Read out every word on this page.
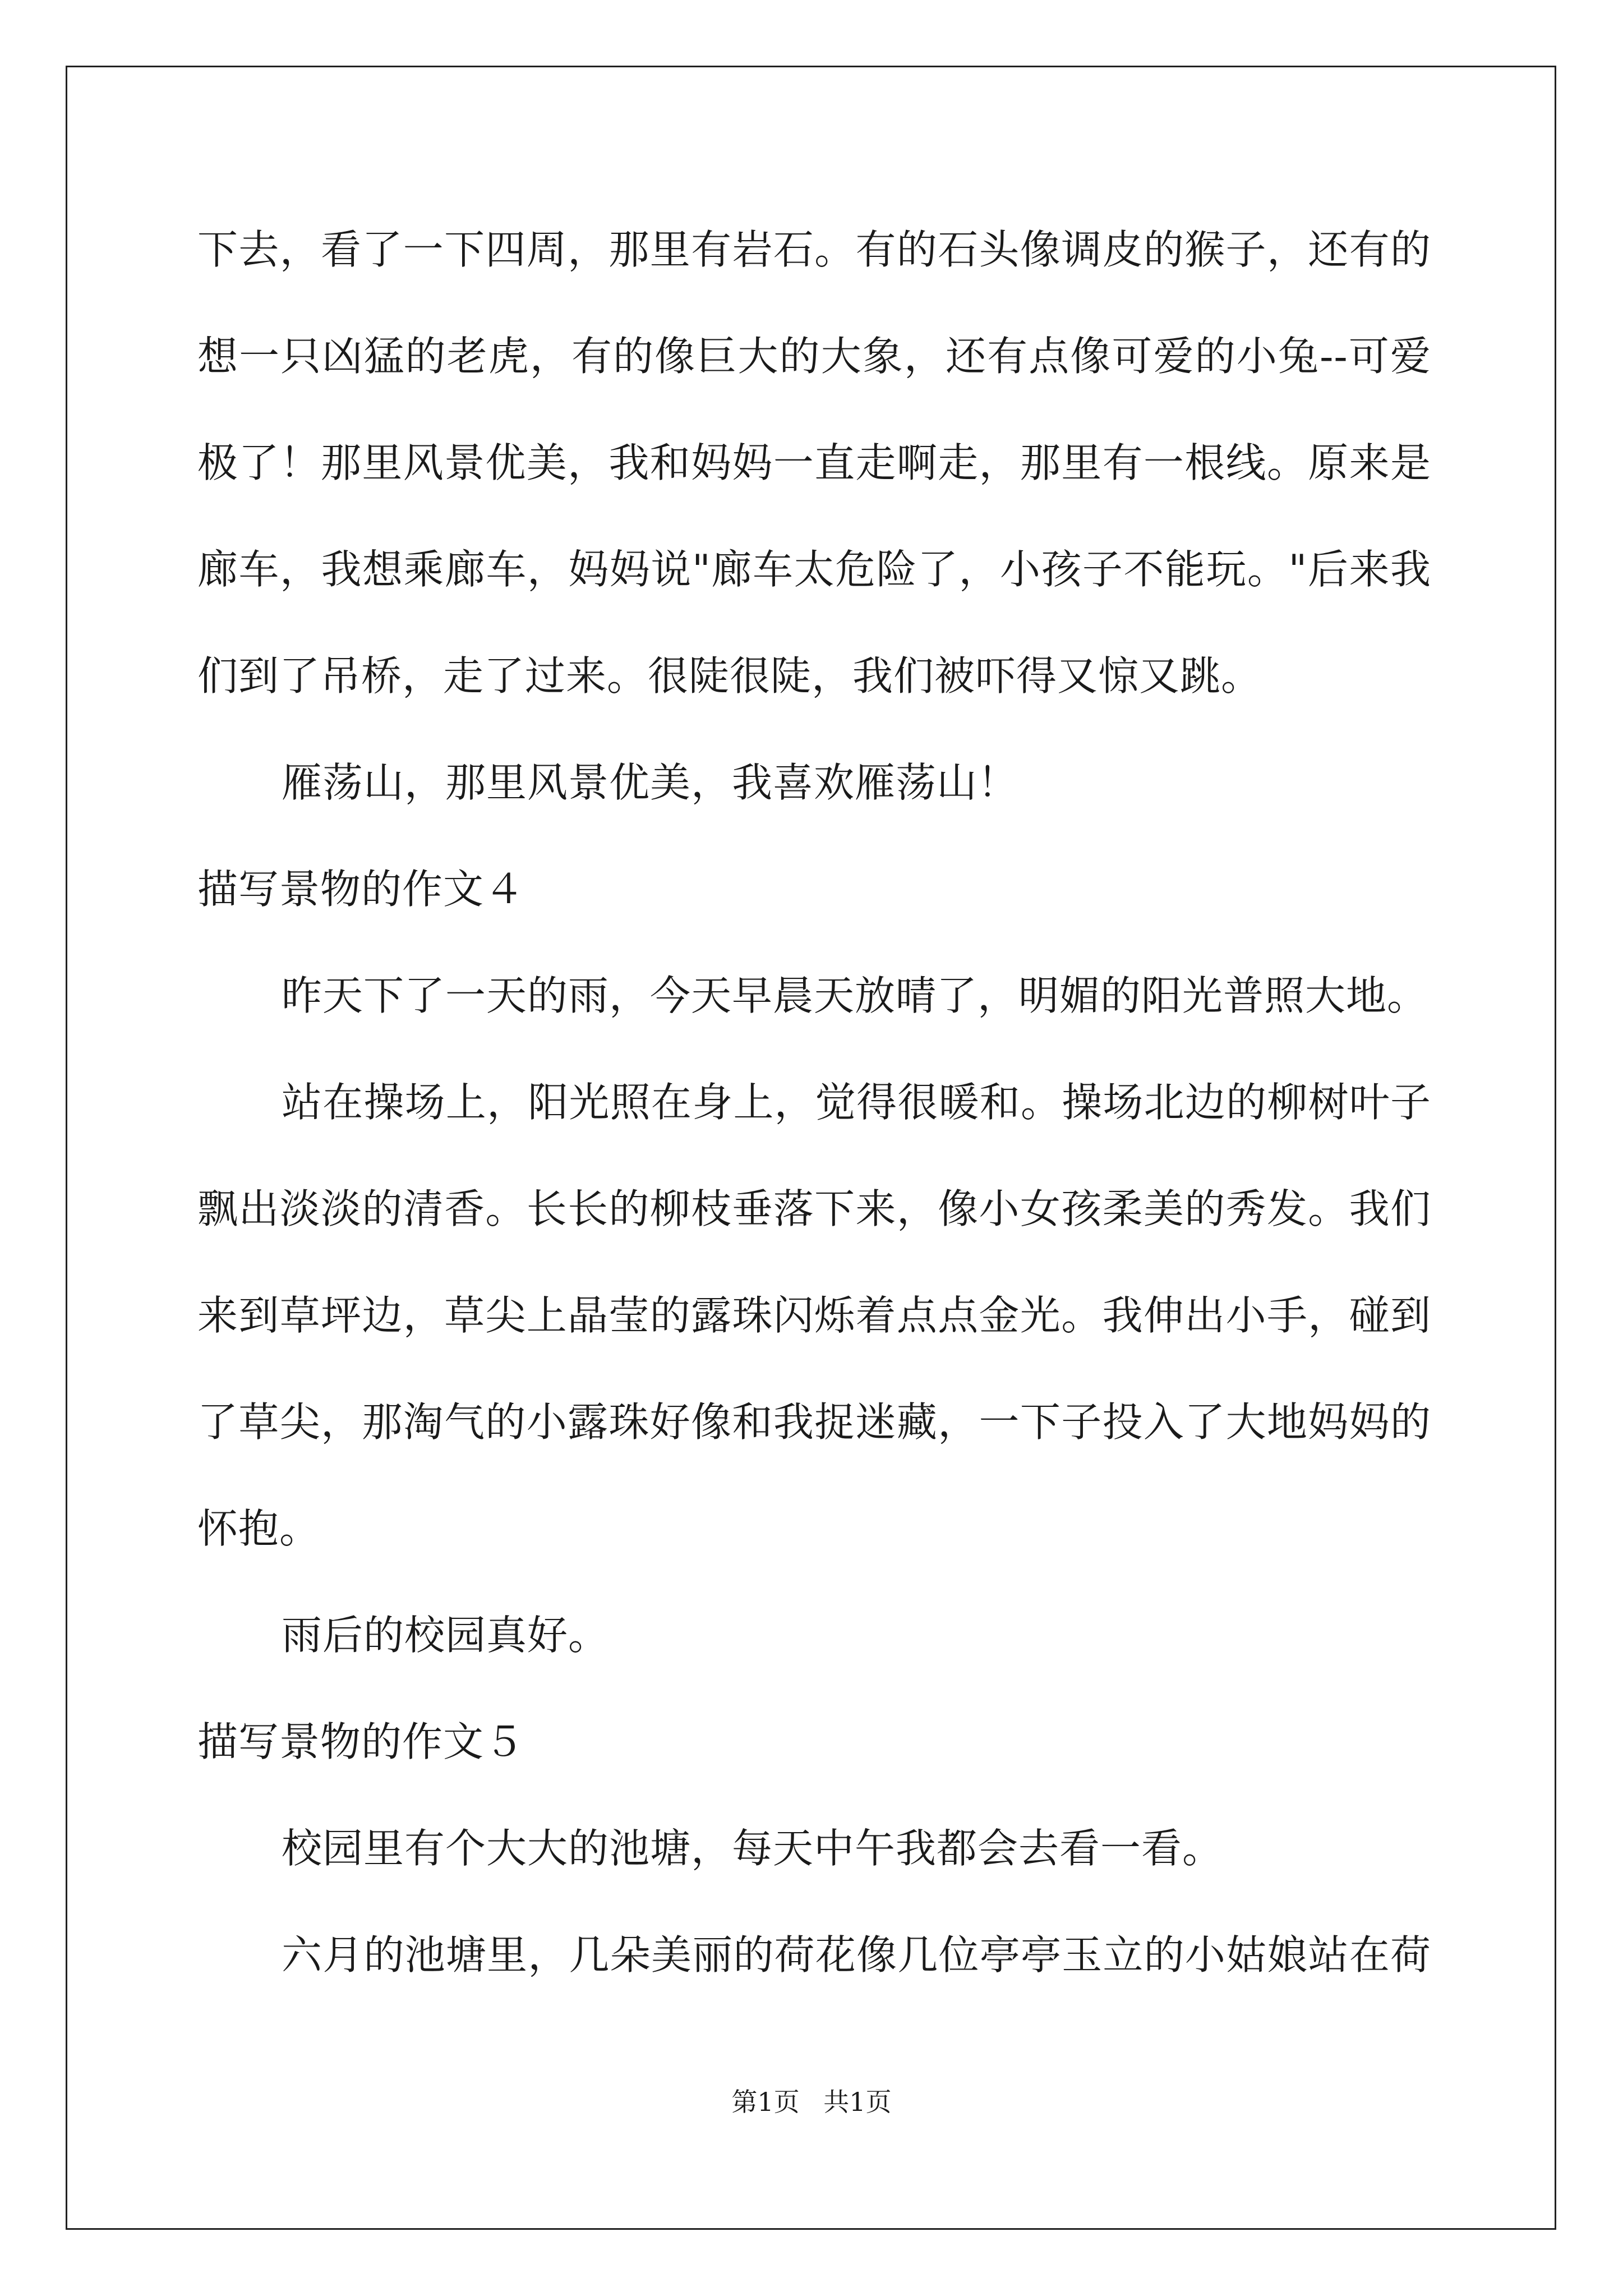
下去，看了一下四周，那里有岩石。有的石头像调皮的猴子，还有的
想一只凶猛的老虎，有的像巨大的大象，还有点像可爱的小兔--可爱
极了！那里风景优美，我和妈妈一直走啊走，那里有一根线。原来是
廊车，我想乘廊车，妈妈说"廊车太危险了，小孩子不能玩。"后来我
们到了吊桥，走了过来。很陡很陡，我们被吓得又惊又跳。
雁荡山，那里风景优美，我喜欢雁荡山！
描写景物的作文４
昨天下了一天的雨，今天早晨天放晴了，明媚的阳光普照大地。
站在操场上，阳光照在身上，觉得很暖和。操场北边的柳树叶子
飘出淡淡的清香。长长的柳枝垂落下来，像小女孩柔美的秀发。我们
来到草坪边，草尖上晶莹的露珠闪烁着点点金光。我伸出小手，碰到
了草尖，那淘气的小露珠好像和我捉迷藏，一下子投入了大地妈妈的
怀抱。
雨后的校园真好。
描写景物的作文５
校园里有个大大的池塘，每天中午我都会去看一看。
六月的池塘里，几朵美丽的荷花像几位亭亭玉立的小姑娘站在荷
第1页 共1页
